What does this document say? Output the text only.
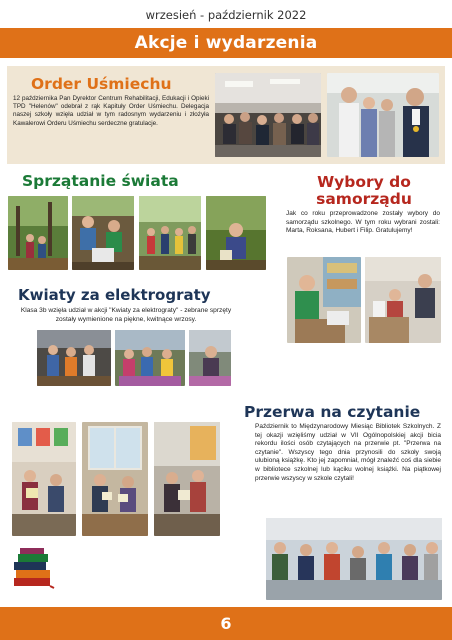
wrzesień - październik 2022
Akcje i wydarzenia
Order Uśmiechu
12 października Pan Dyrektor Centrum Rehabilitacji, Edukacji i Opieki TPD "Helenów" odebrał z rąk Kapituły Order Uśmiechu. Delegacja naszej szkoły wzięła udział w tym radosnym wydarzeniu i złożyła Kawalerowi Orderu Uśmiechu serdeczne gratulacje.
Sprzątanie świata	Wybory do
samorządu
Jak co roku przeprowadzone zostały wybory do samorządu szkolnego. W tym roku wybrani zostali: Marta, Roksana, Hubert i Filip. Gratulujemy!
Kwiaty za elektrograty
Klasa 3b wzięła udział w akcji "Kwiaty za elektrograty" - zebrane sprzęty zostały wymienione na piękne, kwitnące wrzosy.
Przerwa na czytanie
Październik to Międzynarodowy Miesiąc Bibliotek Szkolnych. Z tej okazji wzięliśmy udział w VII Ogólnopolskiej akcji bicia rekordu ilości osób czytających na przerwie pt. "Przerwa na czytanie". Wszyscy tego dnia przynosili do szkoły swoją ulubioną książkę. Kto jej zapomniał, mógł znaleźć coś dla siebie w bibliotece szkolnej lub kąciku wolnej książki. Na piątkowej przerwie wszyscy w szkole czytali!
6
